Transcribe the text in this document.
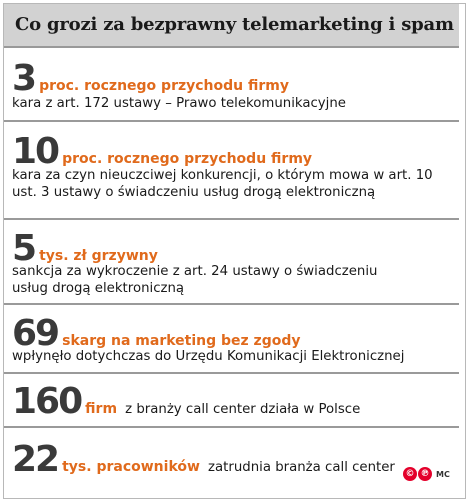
Co grozi za bezprawny telemarketing i spam
3 proc. rocznego przychodu firmy
kara z art. 172 ustawy – Prawo telekomunikacyjne
10 proc. rocznego przychodu firmy
kara za czyn nieuczciwej konkurencji, o którym mowa w art. 10 ust. 3 ustawy o świadczeniu usług drogą elektroniczną
5 tys. zł grzywny
sankcja za wykroczenie z art. 24 ustawy o świadczeniu usług drogą elektroniczną
69 skarg na marketing bez zgody
wpłynęło dotychczas do Urzędu Komunikacji Elektronicznej
160 firm z branży call center działa w Polsce
22 tys. pracowników zatrudnia branża call center © ℗ MC
